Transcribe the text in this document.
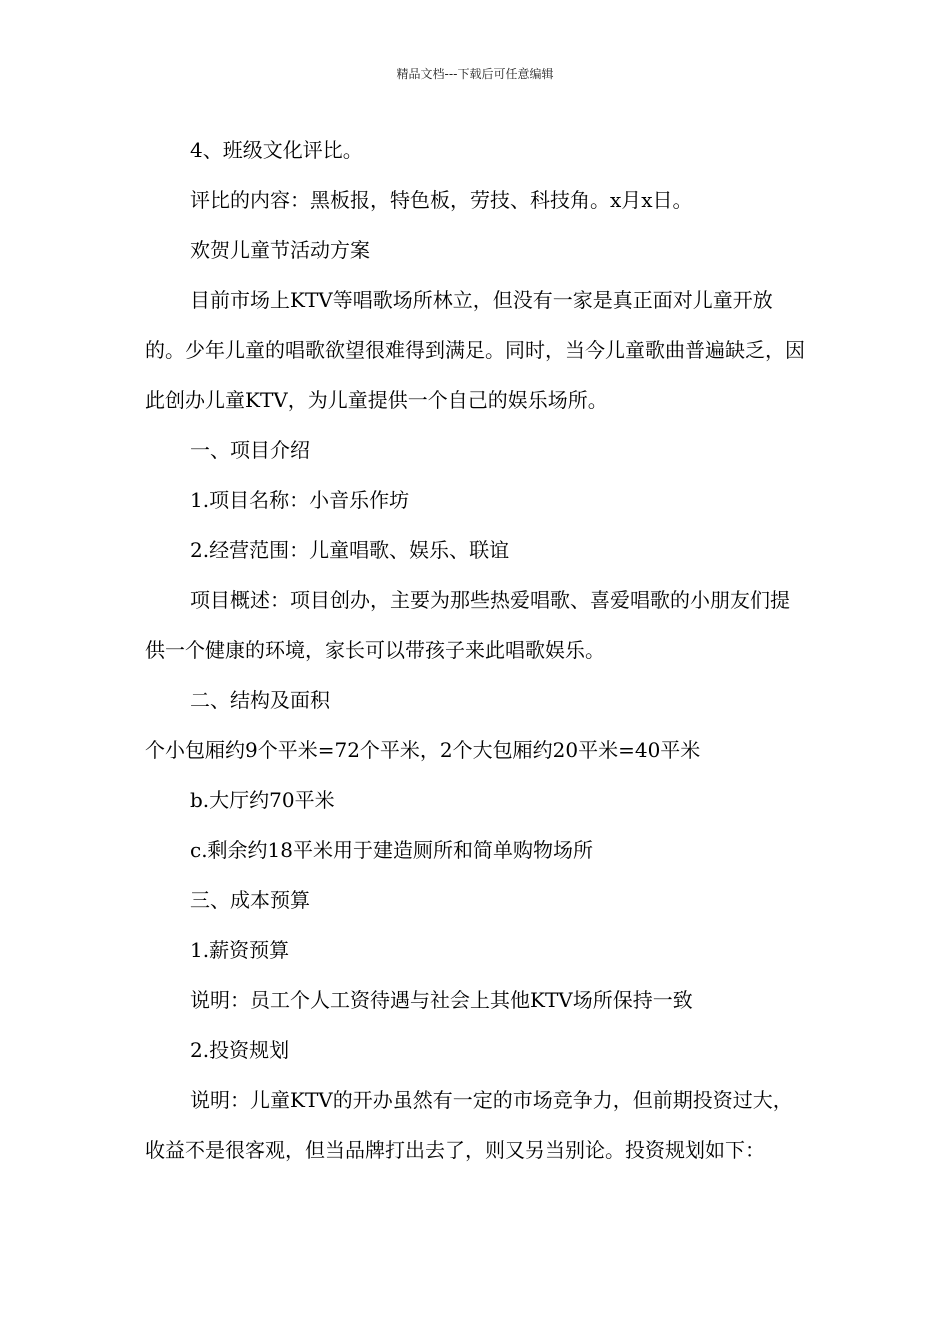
精品文档---下载后可任意编辑

4、班级文化评比。

评比的内容：黑板报，特色板，劳技、科技角。x月x日。

欢贺儿童节活动方案

目前市场上KTV等唱歌场所林立，但没有一家是真正面对儿童开放的。少年儿童的唱歌欲望很难得到满足。同时，当今儿童歌曲普遍缺乏，因此创办儿童KTV，为儿童提供一个自己的娱乐场所。

一、项目介绍

1.项目名称：小音乐作坊

2.经营范围：儿童唱歌、娱乐、联谊

项目概述：项目创办，主要为那些热爱唱歌、喜爱唱歌的小朋友们提供一个健康的环境，家长可以带孩子来此唱歌娱乐。

二、结构及面积

个小包厢约9个平米=72个平米，2个大包厢约20平米=40平米

b.大厅约70平米

c.剩余约18平米用于建造厕所和简单购物场所

三、成本预算

1.薪资预算

说明：员工个人工资待遇与社会上其他KTV场所保持一致

2.投资规划

说明：儿童KTV的开办虽然有一定的市场竞争力，但前期投资过大，收益不是很客观，但当品牌打出去了，则又另当别论。投资规划如下：
